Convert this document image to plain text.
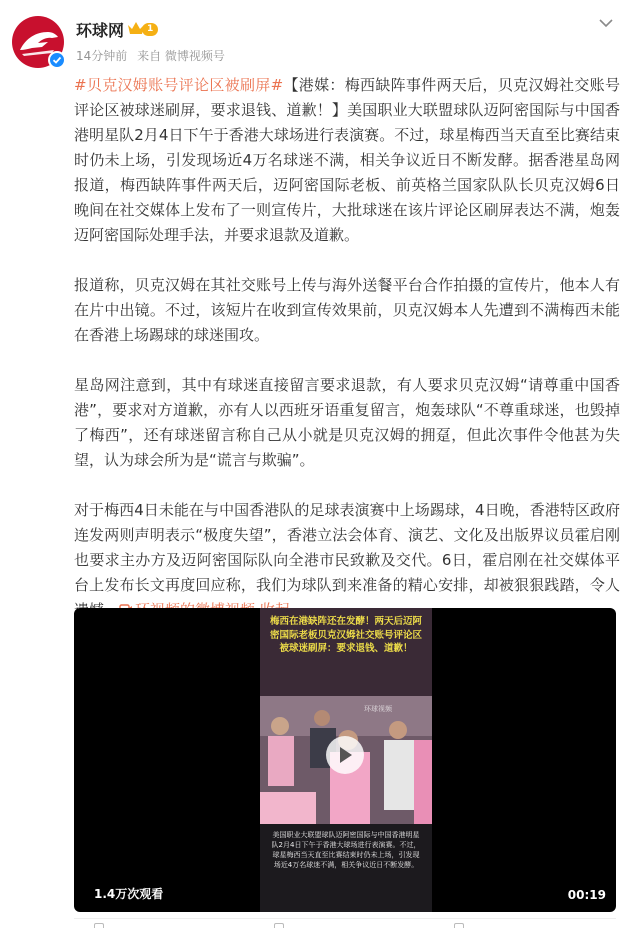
环球网	1
14分钟前 来自 微博视频号

#贝克汉姆账号评论区被刷屏#【港媒：梅西缺阵事件两天后，贝克汉姆社交账号评论区被球迷刷屏，要求退钱、道歉！】美国职业大联盟球队迈阿密国际与中国香港明星队2月4日下午于香港大球场进行表演赛。不过，球星梅西当天直至比赛结束时仍未上场，引发现场近4万名球迷不满，相关争议近日不断发酵。据香港星岛网报道，梅西缺阵事件两天后，迈阿密国际老板、前英格兰国家队队长贝克汉姆6日晚间在社交媒体上发布了一则宣传片，大批球迷在该片评论区刷屏表达不满，炮轰迈阿密国际处理手法，并要求退款及道歉。

报道称，贝克汉姆在其社交账号上传与海外送餐平台合作拍摄的宣传片，他本人有在片中出镜。不过，该短片在收到宣传效果前，贝克汉姆本人先遭到不满梅西未能在香港上场踢球的球迷围攻。

星岛网注意到，其中有球迷直接留言要求退款，有人要求贝克汉姆“请尊重中国香港”，要求对方道歉，亦有人以西班牙语重复留言，炮轰球队“不尊重球迷，也毁掉了梅西”，还有球迷留言称自己从小就是贝克汉姆的拥趸，但此次事件令他甚为失望，认为球会所为是“谎言与欺骗”。

对于梅西4日未能在与中国香港队的足球表演赛中上场踢球，4日晚，香港特区政府连发两则声明表示“极度失望”，香港立法会体育、演艺、文化及出版界议员霍启刚也要求主办方及迈阿密国际队向全港市民致歉及交代。6日，霍启刚在社交媒体平台上发布长文再度回应称，我们为球队到来准备的精心安排，却被狠狠践踏，令人

梅西在港缺阵还在发酵！两天后迈阿密国际老板贝克汉姆社交账号评论区被球迷刷屏：要求退钱、道歉！
环球视频
美国职业大联盟球队迈阿密国际与中国香港明星队2月4日下午于香港大球场进行表演赛。不过，球星梅西当天直至比赛结束时仍未上场，引发现场近4万名球迷不满，相关争议近日不断发酵。
1.4万次观看	00:19
